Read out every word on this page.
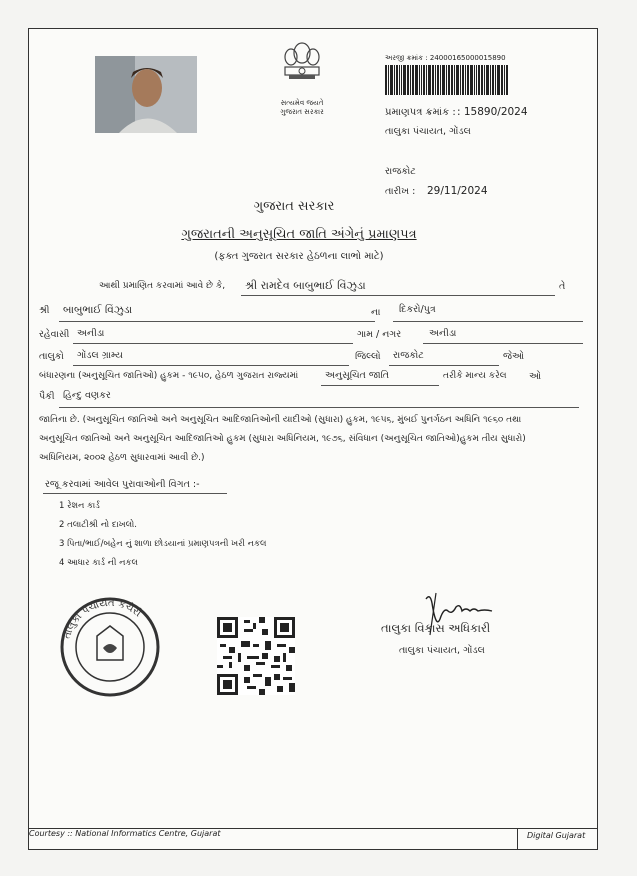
સત્યમેવ જયતે
ગુજરાત સરકાર
અરજી ક્રમાંક : 24000165000015890
પ્રમાણપત્ર ક્રમાંક : : 15890/2024
તાલુકા પંચાયત, ગોંડલ
રાજકોટ
તારીખ : 29/11/2024
ગુજરાત સરકાર
ગુજરાતની અનુસૂચિત જાતિ અંગેનું પ્રમાણપત્ર
(ફક્ત ગુજરાત સરકાર હેઠળના લાભો માટે)
આથી પ્રમાણિત કરવામાં આવે છે કે, શ્રી રામદેવ બાબુભાઈ વિંઝુડા	તે
શ્રી બાબુભાઈ વિંઝુડા	ના દિકરો/પુત્ર
રહેવાસી અનીડા	ગામ / નગર	અનીડા
તાલુકો ગોંડલ ગ્રામ્ય	જિલ્લો રાજકોટ	જેઓ
બંધારણના (અનુસૂચિત જાતિઓ) હુકમ - ૧૯૫૦, હેઠળ ગુજરાત રાજ્યમાં	અનુસૂચિત જાતિ	તરીકે માન્ય કરેલ ઓ
પૈકી હિન્દુ વણકર
જાતિના છે. (અનુસૂચિત જાતિઓ અને અનુસૂચિત આદિજાતિઓની યાદીઓ (સુધારા) હુકમ, ૧૯૫૬, મુંબઈ પુનર્ગઠન અધિનિ ૧૯૬૦ તથા
અનુસૂચિત જાતિઓ અને અનુસૂચિત આદિજાતિઓ હુકમ (સુધારા અધિનિયમ, ૧૯૭૬, સંવિધાન (અનુસૂચિત જાતિઓ)હુકમ તીય સુધારો)
અધિનિયમ, ૨૦૦૨ હેઠળ સુધારવામાં આવી છે.)
રજૂ કરવામાં આવેલ પુરાવાઓની વિગત :-
1 રેશન કાર્ડ
2 તલાટીશ્રી નો દાખલો.
3 પિતા/ભાઈ/બહેન નું શાળા છોડયાનાં પ્રમાણપત્રની ખરી નકલ
4 આધાર કાર્ડ ની નકલ
તાલુકા પંચાયત કચેરી
તાલુકા વિકાસ અધિકારી
તાલુકા પંચાયત, ગોંડલ
Courtesy :: National Informatics Centre, Gujarat	Digital Gujarat
